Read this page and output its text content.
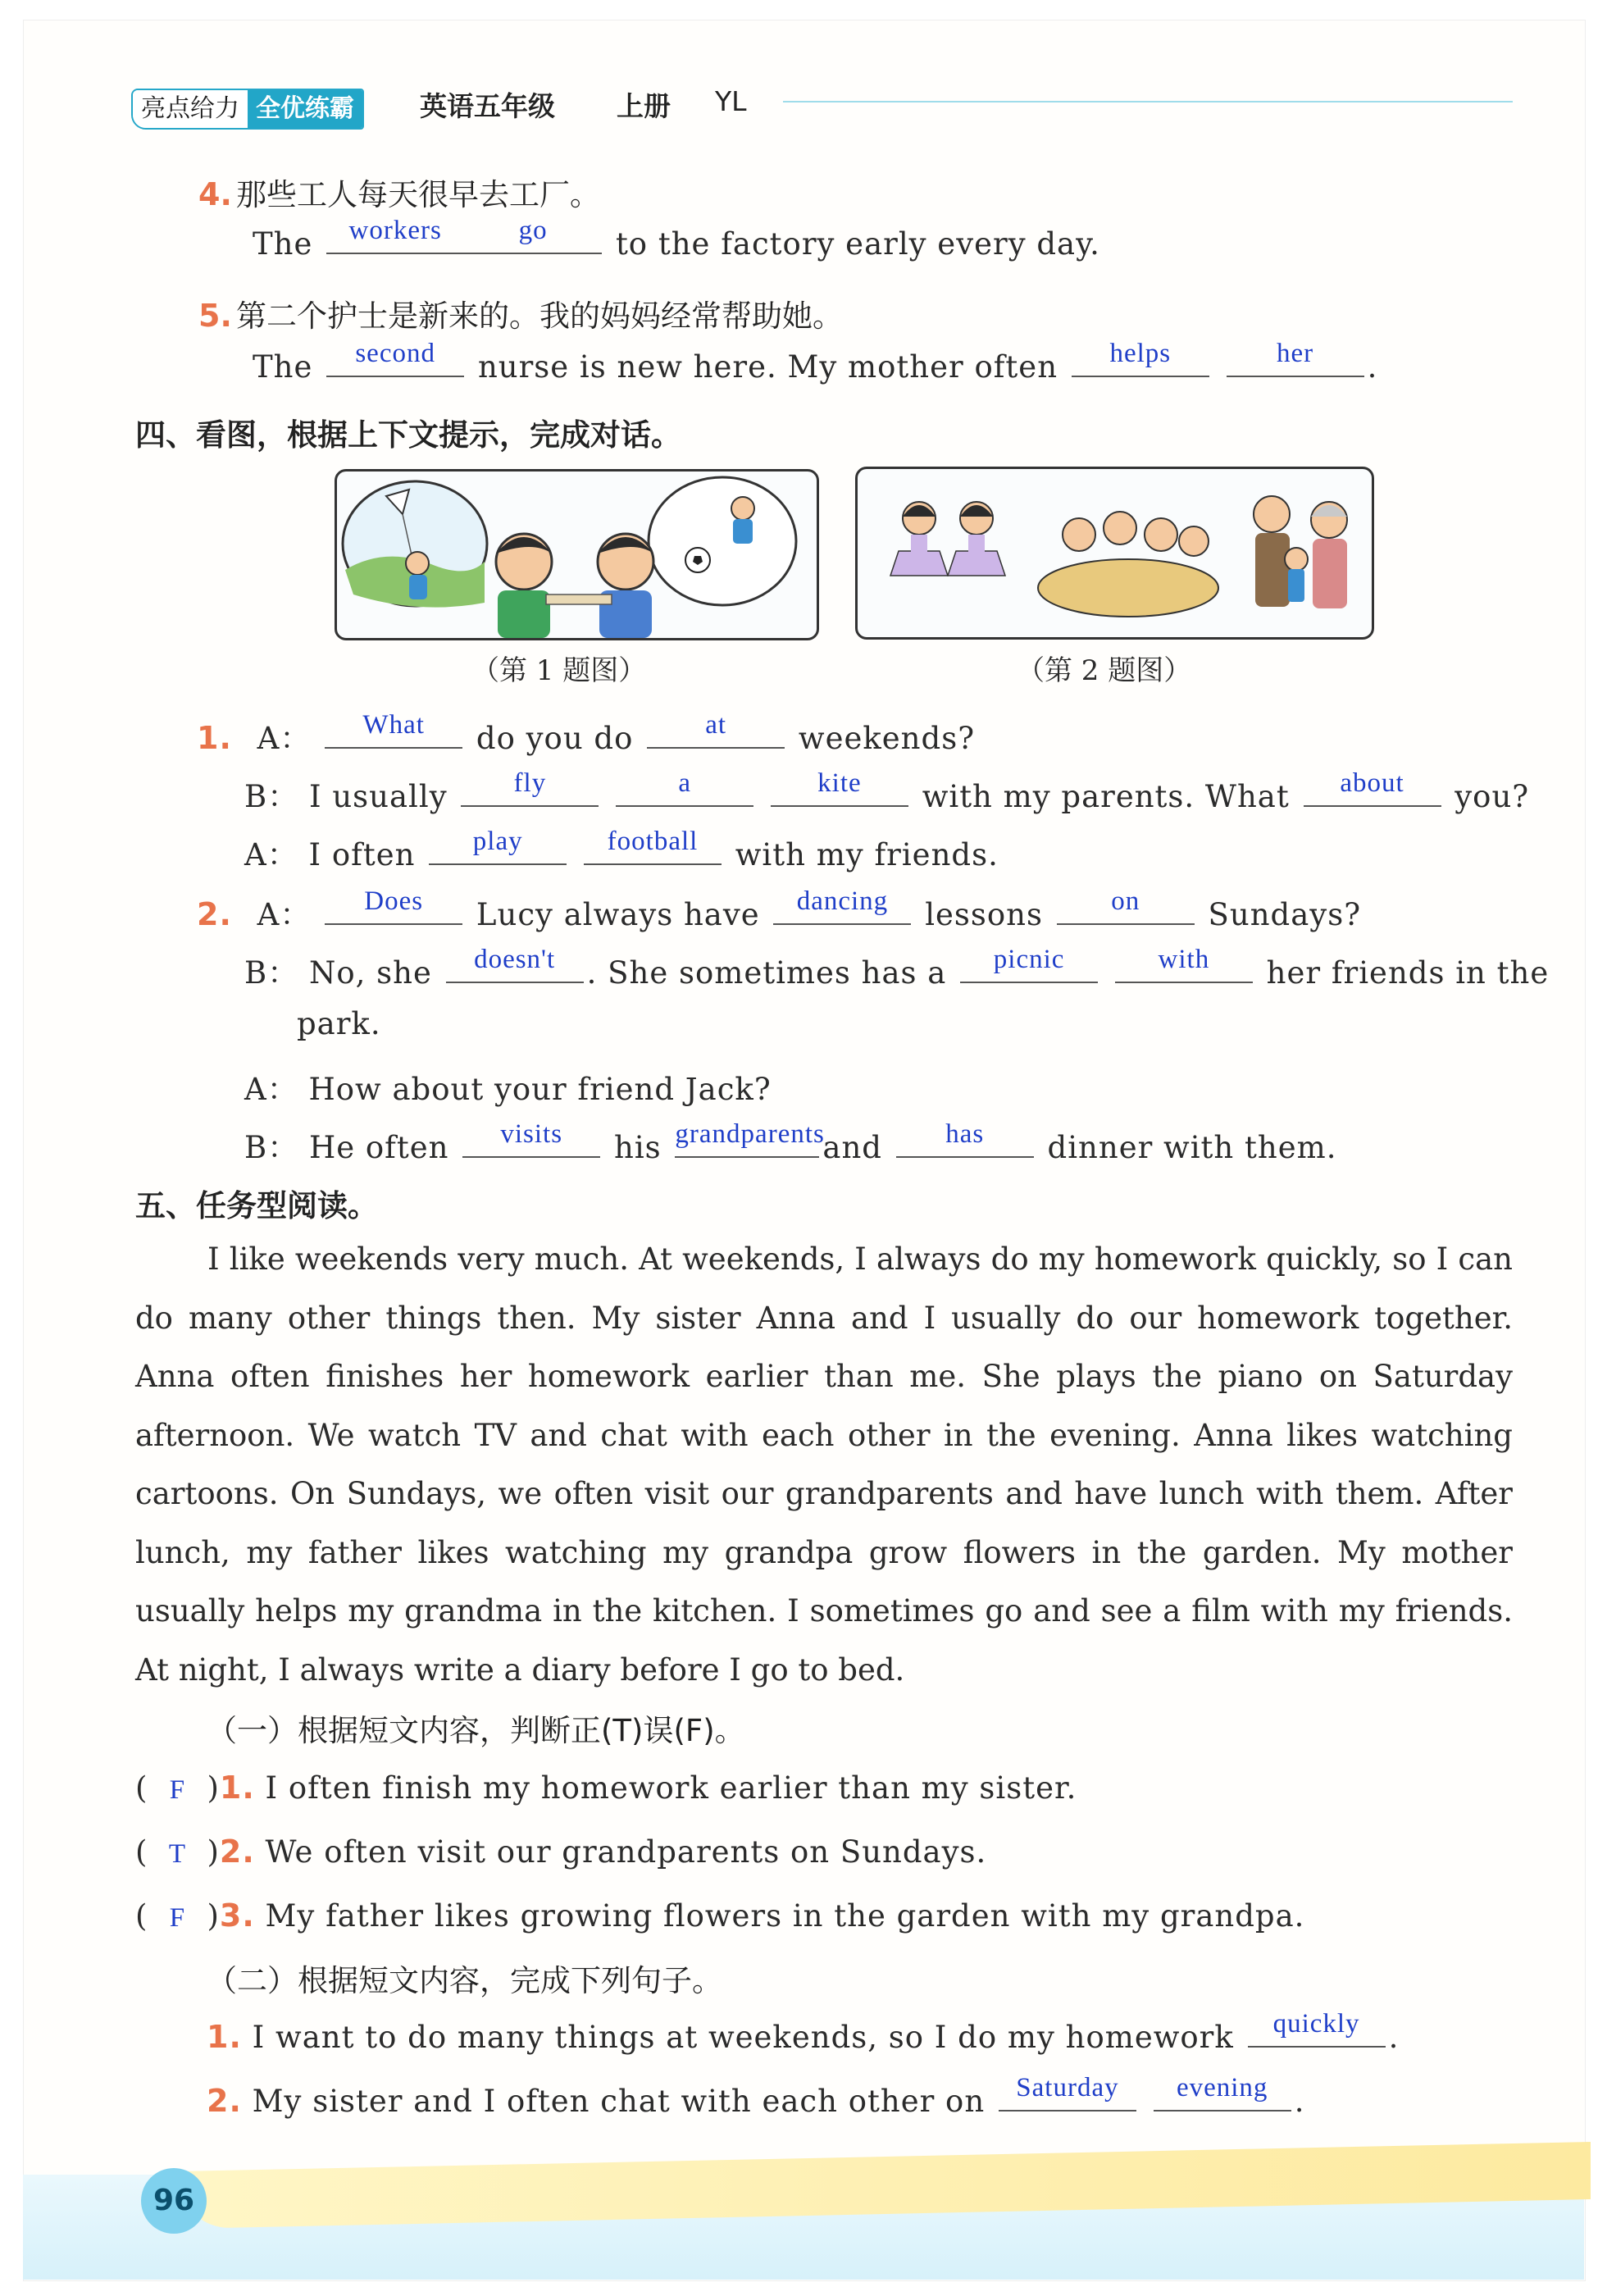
亮点给力 全优练霸	英语五年级 上册 YL
4. 那些工人每天很早去工厂。
The	workers	go	to the factory early every day.
5. 第二个护士是新来的。我的妈妈经常帮助她。
The	second	nurse is new here. My mother often	helps
	her	.
四、看图，根据上下文提示，完成对话。
（第 1 题图）	（第 2 题图）
1. A：	What	do you do	at	weekends?
B： I usually	fly
	a
	kite	with my parents. What	about	you?
A： I often	play
	football	with my friends.
2. A：	Does	Lucy always have	dancing	lessons	on	Sundays?
B： No, she	doesn't	. She sometimes has a	picnic
	with	her friends in the
park.
A： How about your friend Jack?
B： He often	visits	his grandparents
and	has	dinner with them.
五、任务型阅读。
I like weekends very much. At weekends, I always do my homework quickly, so I can do many other things then. My sister Anna and I usually do our homework together. Anna often finishes her homework earlier than me. She plays the piano on Saturday afternoon. We watch TV and chat with each other in the evening. Anna likes watching cartoons. On Sundays, we often visit our grandparents and have lunch with them. After lunch, my father likes watching my grandpa grow flowers in the garden. My mother usually helps my grandma in the kitchen. I sometimes go and see a film with my friends. At night, I always write a diary before I go to bed.
（一）根据短文内容，判断正(T)误(F)。
( F )1. I often finish my homework earlier than my sister.
( T )2. We often visit our grandparents on Sundays.
( F )3. My father likes growing flowers in the garden with my grandpa.
（二）根据短文内容，完成下列句子。
1. I want to do many things at weekends, so I do my homework	quickly .
2. My sister and I often chat with each other on	Saturday
	evening .
96
